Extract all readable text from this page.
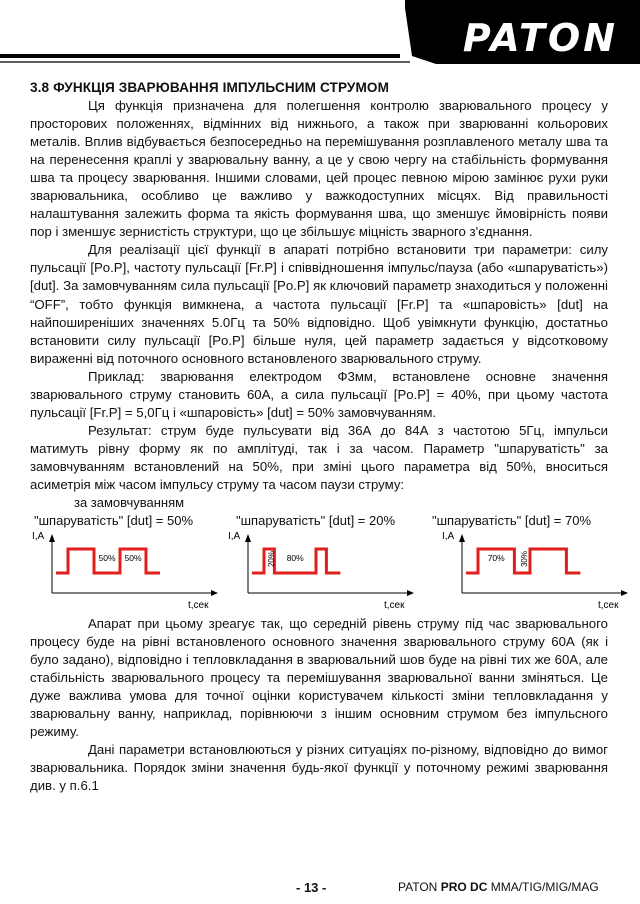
PATON
3.8 ФУНКЦІЯ ЗВАРЮВАННЯ ІМПУЛЬСНИМ СТРУМОМ

Ця функція призначена для полегшення контролю зварювального процесу у просторових положеннях, відмінних від нижнього, а також при зварюванні кольорових металів. Вплив відбувається безпосередньо на перемішування розплавленого металу шва та на перенесення краплі у зварювальну ванну, а це у свою чергу на стабільність формування шва та процесу зварювання. Іншими словами, цей процес певною мірою замінює рухи руки зварювальника, особливо це важливо у важкодоступних місцях. Від правильності налаштування залежить форма та якість формування шва, що зменшує ймовірність появи пор і зменшує зернистість структури, що це збільшує міцність зварного з'єднання.

Для реалізації цієї функції в апараті потрібно встановити три параметри: силу пульсації [Po.P], частоту пульсації [Fr.P] і співвідношення імпульс/пауза (або «шпаруватість») [dut]. За замовчуванням сила пульсації [Po.P] як ключовий параметр знаходиться у положенні “OFF”, тобто функція вимкнена, а частота пульсації [Fr.P] та «шпаровість» [dut] на найпоширеніших значеннях 5.0Гц та 50% відповідно. Щоб увімкнути функцію, достатньо встановити силу пульсації [Po.P] більше нуля, цей параметр задається у відсотковому вираженні від поточного основного встановленого зварювального струму.

Приклад: зварювання електродом Ф3мм, встановлене основне значення зварювального струму становить 60А, а сила пульсації [Po.P] = 40%, при цьому частота пульсації [Fr.P] = 5,0Гц і «шпаровість» [dut] = 50% замовчуванням.

Результат: струм буде пульсувати від 36А до 84А з частотою 5Гц, імпульси матимуть рівну форму як по амплітуді, так і за часом. Параметр "шпаруватість" за замовчуванням встановлений на 50%, при зміні цього параметра від 50%, вноситься асиметрія між часом імпульсу струму та часом паузи струму:

за замовчуванням
"шпаруватість" [dut] = 50%	"шпаруватість" [dut] = 20%	"шпаруватість" [dut] = 70%
I,A
t,сек
50%
50%
I,A
t,сек
20% 80%
I,A
t,сек
30%
70%

Апарат при цьому зреагує так, що середній рівень струму під час зварювального процесу буде на рівні встановленого основного значення зварювального струму 60А (як і було задано), відповідно і тепловкладання в зварювальний шов буде на рівні тих же 60А, але стабільність зварювального процесу та перемішування зварювальної ванни зміняться. Це дуже важлива умова для точної оцінки користувачем кількості зміни тепловкладання у зварювальну ванну, наприклад, порівнюючи з іншим основним струмом без імпульсного режиму.

Дані параметри встановлюються у різних ситуаціях по-різному, відповідно до вимог зварювальника. Порядок зміни значення будь-якої функції у поточному режимі зварювання див. у п.6.1

- 13 -	PATON PRO DC MMA/TIG/MIG/MAG
